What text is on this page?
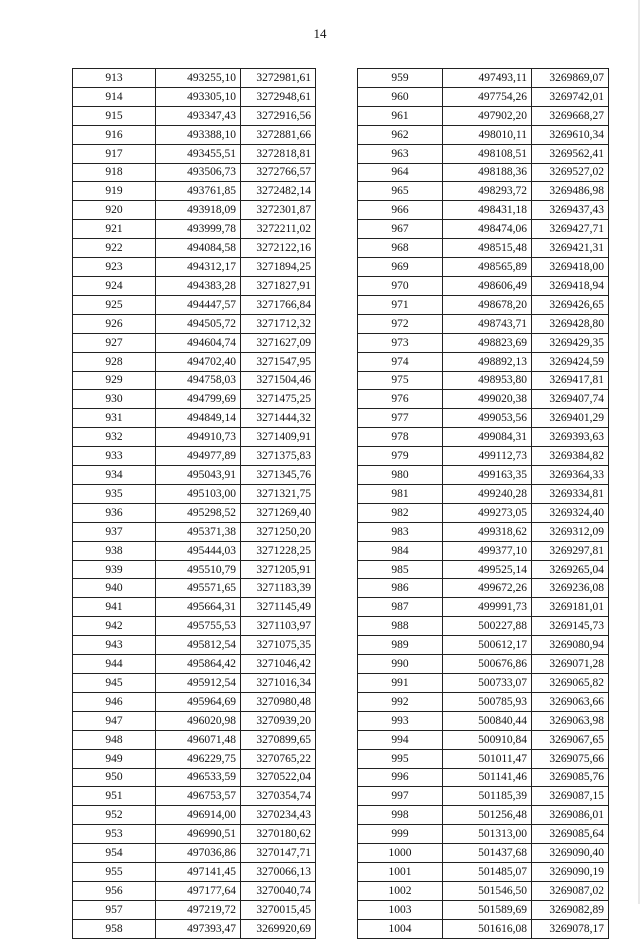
14
913	493255,10	3272981,61
914	493305,10	3272948,61
915	493347,43	3272916,56
916	493388,10	3272881,66
917	493455,51	3272818,81
918	493506,73	3272766,57
919	493761,85	3272482,14
920	493918,09	3272301,87
921	493999,78	3272211,02
922	494084,58	3272122,16
923	494312,17	3271894,25
924	494383,28	3271827,91
925	494447,57	3271766,84
926	494505,72	3271712,32
927	494604,74	3271627,09
928	494702,40	3271547,95
929	494758,03	3271504,46
930	494799,69	3271475,25
931	494849,14	3271444,32
932	494910,73	3271409,91
933	494977,89	3271375,83
934	495043,91	3271345,76
935	495103,00	3271321,75
936	495298,52	3271269,40
937	495371,38	3271250,20
938	495444,03	3271228,25
939	495510,79	3271205,91
940	495571,65	3271183,39
941	495664,31	3271145,49
942	495755,53	3271103,97
943	495812,54	3271075,35
944	495864,42	3271046,42
945	495912,54	3271016,34
946	495964,69	3270980,48
947	496020,98	3270939,20
948	496071,48	3270899,65
949	496229,75	3270765,22
950	496533,59	3270522,04
951	496753,57	3270354,74
952	496914,00	3270234,43
953	496990,51	3270180,62
954	497036,86	3270147,71
955	497141,45	3270066,13
956	497177,64	3270040,74
957	497219,72	3270015,45
958	497393,47	3269920,69
959	497493,11	3269869,07
960	497754,26	3269742,01
961	497902,20	3269668,27
962	498010,11	3269610,34
963	498108,51	3269562,41
964	498188,36	3269527,02
965	498293,72	3269486,98
966	498431,18	3269437,43
967	498474,06	3269427,71
968	498515,48	3269421,31
969	498565,89	3269418,00
970	498606,49	3269418,94
971	498678,20	3269426,65
972	498743,71	3269428,80
973	498823,69	3269429,35
974	498892,13	3269424,59
975	498953,80	3269417,81
976	499020,38	3269407,74
977	499053,56	3269401,29
978	499084,31	3269393,63
979	499112,73	3269384,82
980	499163,35	3269364,33
981	499240,28	3269334,81
982	499273,05	3269324,40
983	499318,62	3269312,09
984	499377,10	3269297,81
985	499525,14	3269265,04
986	499672,26	3269236,08
987	499991,73	3269181,01
988	500227,88	3269145,73
989	500612,17	3269080,94
990	500676,86	3269071,28
991	500733,07	3269065,82
992	500785,93	3269063,66
993	500840,44	3269063,98
994	500910,84	3269067,65
995	501011,47	3269075,66
996	501141,46	3269085,76
997	501185,39	3269087,15
998	501256,48	3269086,01
999	501313,00	3269085,64
1000	501437,68	3269090,40
1001	501485,07	3269090,19
1002	501546,50	3269087,02
1003	501589,69	3269082,89
1004	501616,08	3269078,17
